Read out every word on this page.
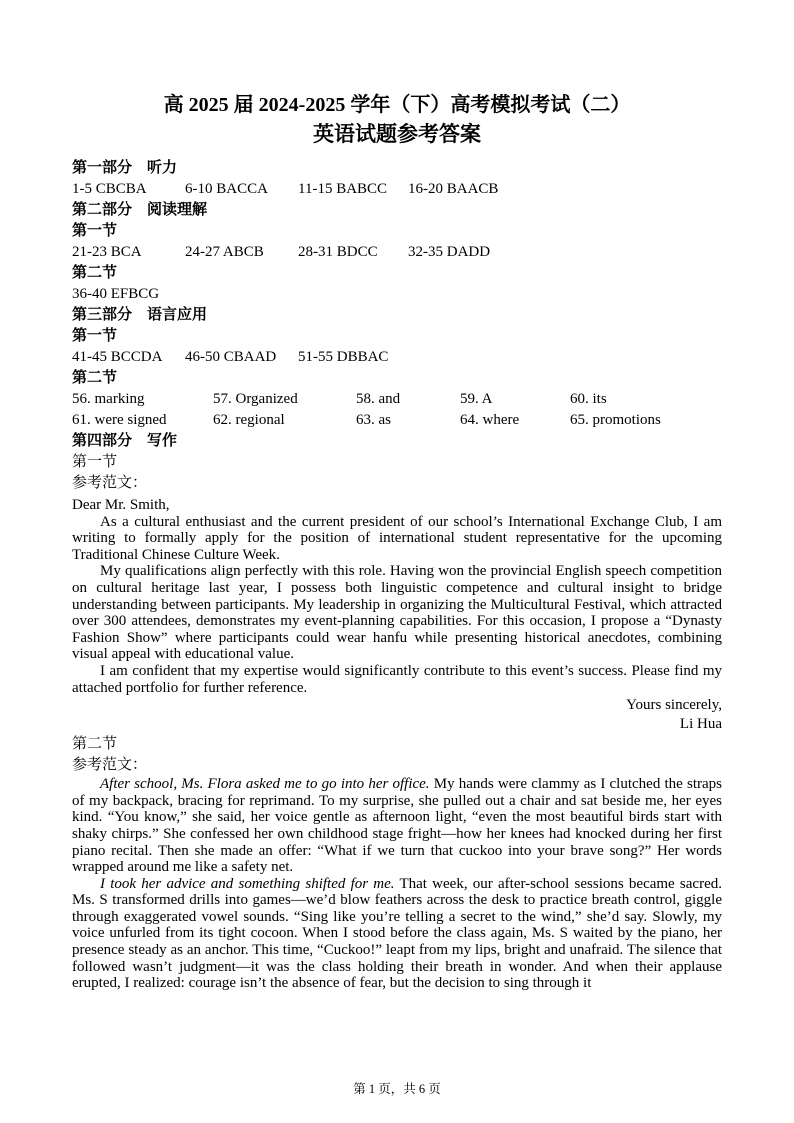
高 2025 届 2024-2025 学年（下）高考模拟考试（二）
英语试题参考答案
第一部分　听力
1-5 CBCBA	6-10 BACCA	11-15 BABCC	16-20 BAACB
第二部分　阅读理解
第一节
21-23 BCA	24-27 ABCB	28-31 BDCC	32-35 DADD
第二节
36-40 EFBCG
第三部分　语言应用
第一节
41-45 BCCDA	46-50 CBAAD	51-55 DBBAC
第二节
56. marking	57. Organized	58. and	59. A	60. its
61. were signed	62. regional	63. as	64. where	65. promotions
第四部分　写作
第一节
参考范文：

Dear Mr. Smith,

As a cultural enthusiast and the current president of our school’s International Exchange Club, I am writing to formally apply for the position of international student representative for the upcoming Traditional Chinese Culture Week.

My qualifications align perfectly with this role. Having won the provincial English speech competition on cultural heritage last year, I possess both linguistic competence and cultural insight to bridge understanding between participants. My leadership in organizing the Multicultural Festival, which attracted over 300 attendees, demonstrates my event-planning capabilities. For this occasion, I propose a “Dynasty Fashion Show” where participants could wear hanfu while presenting historical anecdotes, combining visual appeal with educational value.

I am confident that my expertise would significantly contribute to this event’s success. Please find my attached portfolio for further reference.

Yours sincerely,
Li Hua
第二节
参考范文：

After school, Ms. Flora asked me to go into her office. My hands were clammy as I clutched the straps of my backpack, bracing for reprimand. To my surprise, she pulled out a chair and sat beside me, her eyes kind. “You know,” she said, her voice gentle as afternoon light, “even the most beautiful birds start with shaky chirps.” She confessed her own childhood stage fright—how her knees had knocked during her first piano recital. Then she made an offer: “What if we turn that cuckoo into your brave song?” Her words wrapped around me like a safety net.

I took her advice and something shifted for me. That week, our after-school sessions became sacred. Ms. S transformed drills into games—we’d blow feathers across the desk to practice breath control, giggle through exaggerated vowel sounds. “Sing like you’re telling a secret to the wind,” she’d say. Slowly, my voice unfurled from its tight cocoon. When I stood before the class again, Ms. S waited by the piano, her presence steady as an anchor. This time, “Cuckoo!” leapt from my lips, bright and unafraid. The silence that followed wasn’t judgment—it was the class holding their breath in wonder. And when their applause erupted, I realized: courage isn’t the absence of fear, but the decision to sing through it

第 1 页，共 6 页
